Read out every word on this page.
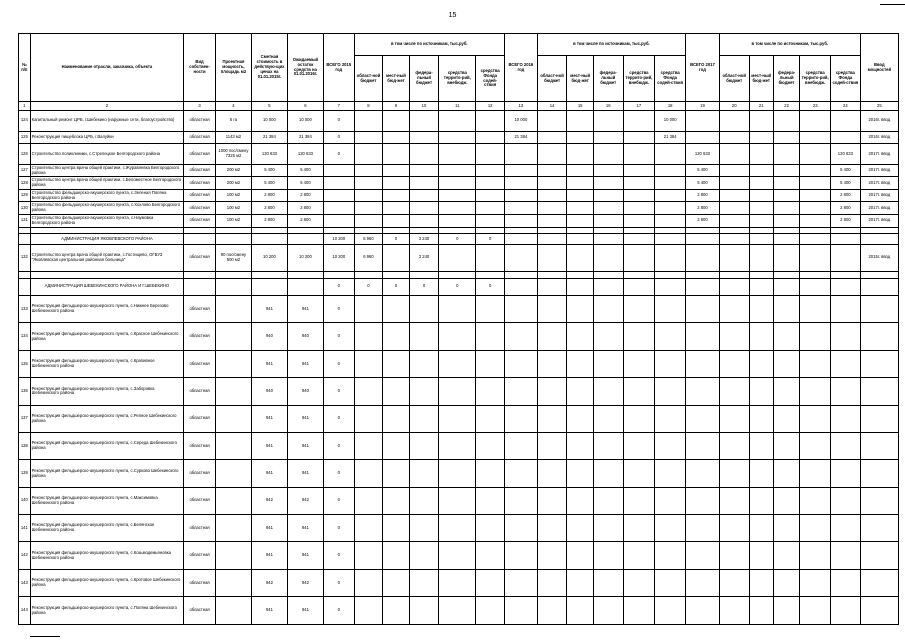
15
№ п/п	Наименование отрасли, заказчика, объекта	Вид собствен-ности	Проектная мощность, площадь м2	Сметная стоимость в действую-щих ценах на 01.01.2015г.	Ожидаемый остаток средств на 01.01.2016г.	ВСЕГО 2015 год	в том числе по источникам, тыс.руб.					ВСЕГО 2016 год	в том числе по источникам, тыс.руб.					ВСЕГО 2017 год	в том числе по источникам, тыс.руб.					Ввод мощностей
							област-ной бюджет	мест-ный бюд-жет	федера-льный бюджет	средства террито-рий, внебюдж.	средства Фонда содей-ствия		област-ной бюджет	мест-ный бюд-жет	федера-льный бюджет	средства террито-рий, внебюдж.	средства Фонда содей-ствия		област-ной бюджет	мест-ный бюд-жет	федера-льный бюджет	средства террито-рий, внебюдж.	средства Фонда содей-ствия	
1	2	3	4	5	6	7	8	9	10	11	12	13	14	15	16	17	18	19	20	21	22	23	24	25
124	Капитальный ремонт ЦРБ, г.Шебекино (наружные сети, благоустройство)	областная	5 га	10 000	10 000	0						10 000					10 000							2016г. ввод
125	Реконструкция пищеблока ЦРБ, г.Валуйки	областная	1143 м2	21 384	21 384	0						21 384					21 384							2016г. ввод
126	Строительство поликлиники, с.Стрелецкое Белгородского района	областная	1000 пос/смену 7325 м2	120 633	120 633	0												120 633					120 633	2017г. ввод
127	Строительство центра врача общей практики, с.Журавлевка Белгородского района	областная	200 м2	5 400	5 400													5 400					5 400	2017г. ввод
128	Строительство центра врача общей практики, с.Беломестное Белгородского района	областная	200 м2	5 400	5 400													5 400					5 400	2017г. ввод
129	Строительство фельдшерско-акушерского пункта, с.Зеленая Поляна Белгородского района	областная	100 м2	2 800	2 800													2 800					2 800	2017г. ввод
130	Строительство фельдшерско-акушерского пункта, с.Хохлово Белгородского района	областная	100 м2	2 800	2 800													2 800					2 800	2017г. ввод
131	Строительство фельдшерско-акушерского пункта, с.Наумовка Белгородского района	областная	100 м2	2 800	2 800													2 800					2 800	2017г. ввод

	АДМИНИСТРАЦИЯ ЯКОВЛЕВСКОГО РАЙОНА					10 200	6 960	0	3 240	0	0													
132	Строительство центра врача общей практики, с.Гостищево, ОГБУЗ "Яковлевская центральная районная больница"	областная	90 пос/смену 500 м2	10 200	10 200	10 200	6 960		3 240															2015г. ввод

	АДМИНИСТРАЦИЯ ШЕБЕКИНСКОГО РАЙОНА И Г.ШЕБЕКИНО					0	0	0	0	0	0													
133	Реконструкция фельдшерско-акушерского пункта, с.Нижнее Березово Шебекинского района	областная		941	941	0																		
134	Реконструкция фельдшерско-акушерского пункта, с.Красное Шебекинского района	областная		940	940	0																		
135	Реконструкция фельдшерско-акушерского пункта, с.Крапивное Шебекинского района	областная		941	941	0																		
136	Реконструкция фельдшерско-акушерского пункта, с.Заборовка Шебекинского района	областная		940	940	0																		
137	Реконструкция фельдшерско-акушерского пункта, с.Репное Шебекинского района	областная		941	941	0																		
138	Реконструкция фельдшерско-акушерского пункта, с.Середа Шебекинского района	областная		941	941	0																		
139	Реконструкция фельдшерско-акушерского пункта, с.Сурково Шебекинского района	областная		941	941	0																		
140	Реконструкция фельдшерско-акушерского пункта, с.Максимовка Шебекинского района	областная		942	942	0																		
141	Реконструкция фельдшерско-акушерского пункта, с.Белянское Шебекинского района	областная		941	941	0																		
142	Реконструкция фельдшерско-акушерского пункта, с.Козьмодемьяновка Шебекинского района	областная		941	941	0																		
143	Реконструкция фельдшерско-акушерского пункта, с.Кротовое Шебекинского района	областная		942	942	0																		
144	Реконструкция фельдшерско-акушерского пункта, с.Поляна Шебекинского района	областная		941	941	0																		
